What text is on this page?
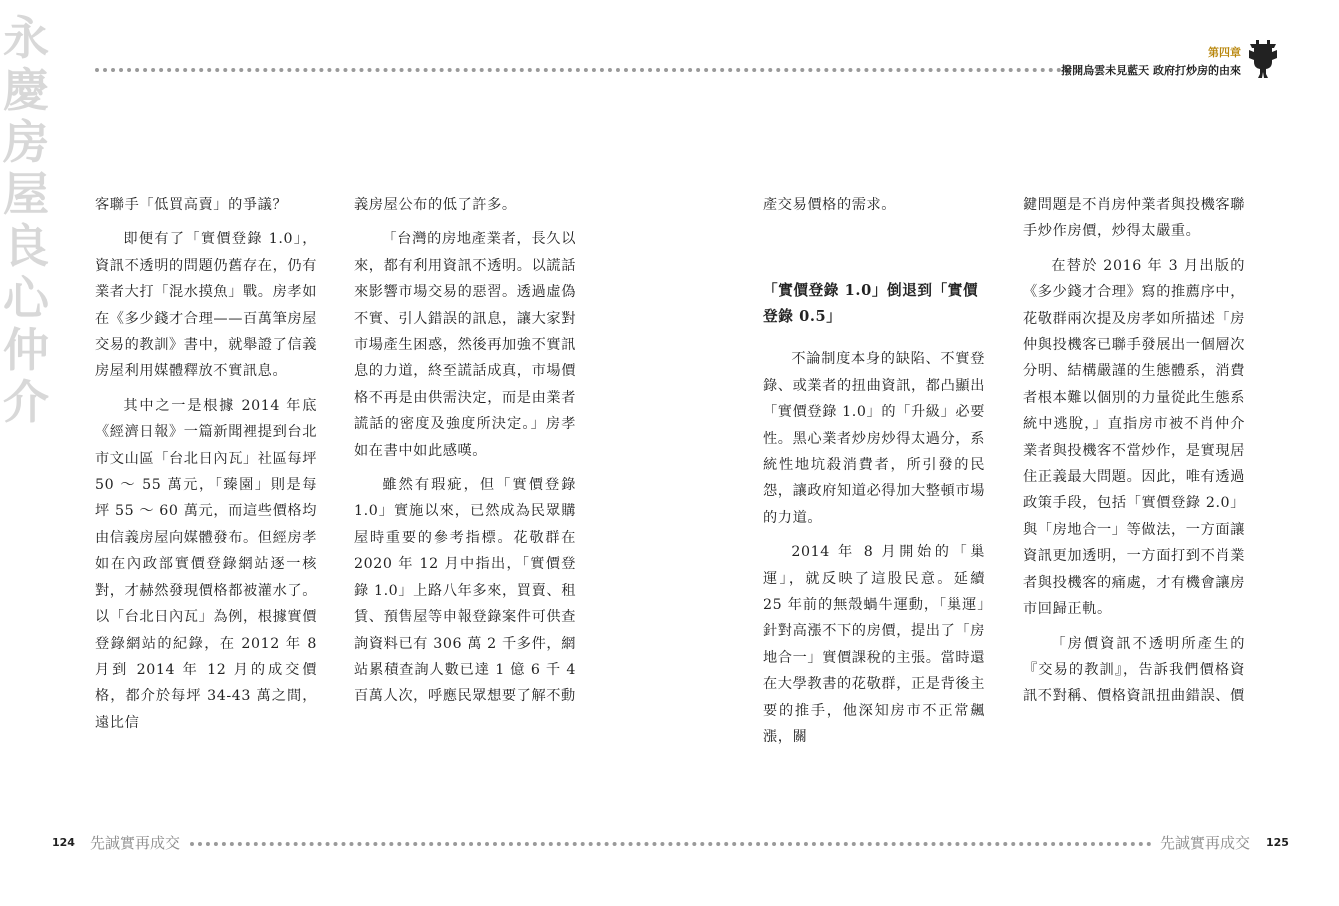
永慶房屋 良心仲介
第四章
撥開烏雲未見藍天 政府打炒房的由來

客聯手「低買高賣」的爭議？

即便有了「實價登錄 1.0」，資訊不透明的問題仍舊存在，仍有業者大打「混水摸魚」戰。房孝如在《多少錢才合理——百萬筆房屋交易的教訓》書中，就舉證了信義房屋利用媒體釋放不實訊息。

其中之一是根據 2014 年底《經濟日報》一篇新聞裡提到台北市文山區「台北日內瓦」社區每坪 50 ～ 55 萬元，「臻園」則是每坪 55 ～ 60 萬元，而這些價格均由信義房屋向媒體發布。但經房孝如在內政部實價登錄網站逐一核對，才赫然發現價格都被灌水了。以「台北日內瓦」為例，根據實價登錄網站的紀錄，在 2012 年 8 月到 2014 年 12 月的成交價格，都介於每坪 34-43 萬之間，遠比信

義房屋公布的低了許多。

「台灣的房地產業者，長久以來，都有利用資訊不透明。以謊話來影響市場交易的惡習。透過虛偽不實、引人錯誤的訊息，讓大家對市場產生困惑，然後再加強不實訊息的力道，終至謊話成真，市場價格不再是由供需決定，而是由業者謊話的密度及強度所決定。」房孝如在書中如此感嘆。

雖然有瑕疵，但「實價登錄 1.0」實施以來，已然成為民眾購屋時重要的參考指標。花敬群在 2020 年 12 月中指出，「實價登錄 1.0」上路八年多來，買賣、租賃、預售屋等申報登錄案件可供查詢資料已有 306 萬 2 千多件，網站累積查詢人數已達 1 億 6 千 4 百萬人次，呼應民眾想要了解不動

產交易價格的需求。

「實價登錄 1.0」倒退到「實價登錄 0.5」

不論制度本身的缺陷、不實登錄、或業者的扭曲資訊，都凸顯出「實價登錄 1.0」的「升級」必要性。黑心業者炒房炒得太過分，系統性地坑殺消費者，所引發的民怨，讓政府知道必得加大整頓市場的力道。

2014 年 8 月開始的「巢運」，就反映了這股民意。延續 25 年前的無殼蝸牛運動，「巢運」針對高漲不下的房價，提出了「房地合一」實價課稅的主張。當時還在大學教書的花敬群，正是背後主要的推手，他深知房市不正常飆漲，關

鍵問題是不肖房仲業者與投機客聯手炒作房價，炒得太嚴重。

在替於 2016 年 3 月出版的《多少錢才合理》寫的推薦序中，花敬群兩次提及房孝如所描述「房仲與投機客已聯手發展出一個層次分明、結構嚴謹的生態體系，消費者根本難以個別的力量從此生態系統中逃脫，」直指房市被不肖仲介業者與投機客不當炒作，是實現居住正義最大問題。因此，唯有透過政策手段，包括「實價登錄 2.0」與「房地合一」等做法，一方面讓資訊更加透明，一方面打到不肖業者與投機客的痛處，才有機會讓房市回歸正軌。

「房價資訊不透明所產生的『交易的教訓』，告訴我們價格資訊不對稱、價格資訊扭曲錯誤、價

124 先誠實再成交	先誠實再成交 125
